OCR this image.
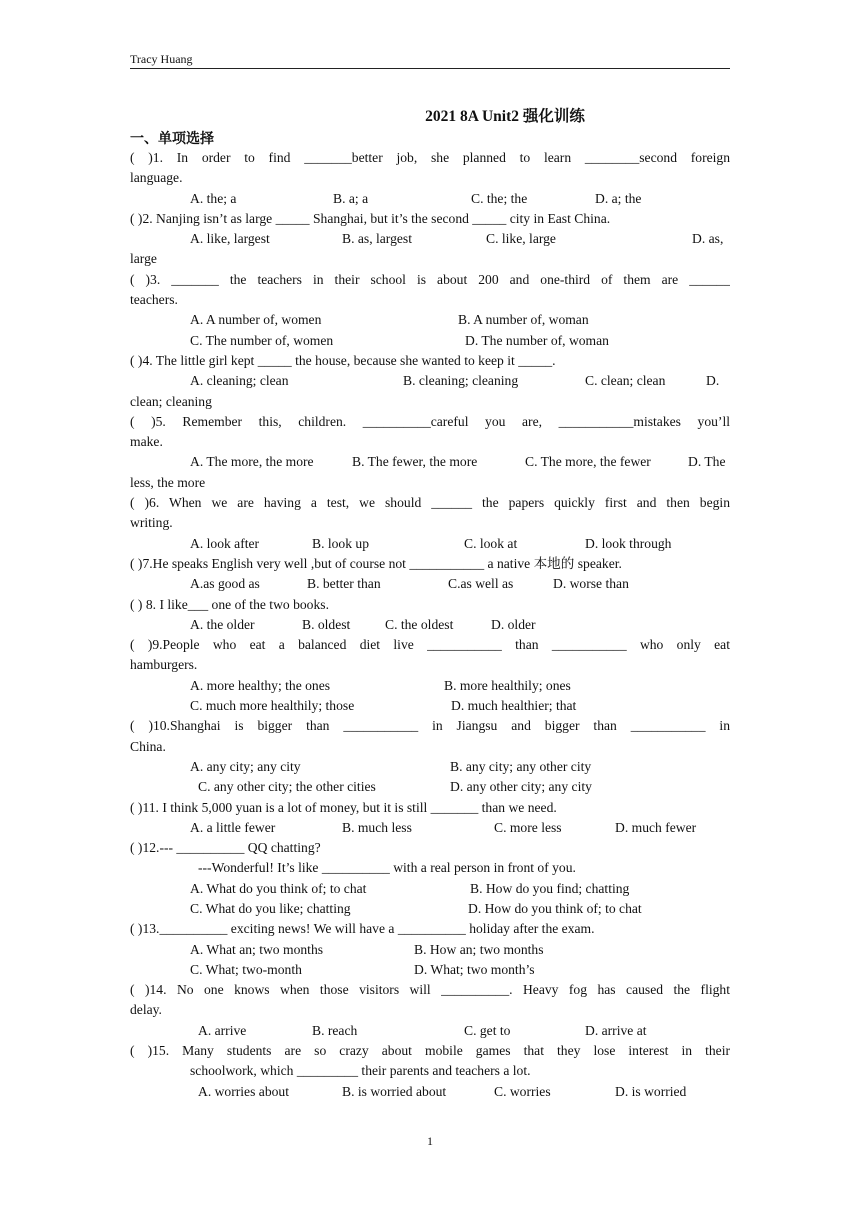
Tracy Huang
2021 8A Unit2 强化训练
一、单项选择
( )1. In order to find _______better job, she planned to learn ________second foreign
language.
A. the; a	B. a; a	C. the; the	D. a; the
( )2. Nanjing isn’t as large _____ Shanghai, but it’s the second _____ city in East China.
A. like, largest	B. as, largest	C. like, large	D. as,
large
( )3. _______ the teachers in their school is about 200 and one-third of them are ______
teachers.
A. A number of, women	B. A number of, woman
C. The number of, women	D. The number of, woman
( )4. The little girl kept _____ the house, because she wanted to keep it _____.
A. cleaning; clean	B. cleaning; cleaning	C. clean; clean	D.
clean; cleaning
( )5. Remember this, children. __________careful you are, ___________mistakes you’ll
make.
A. The more, the more	B. The fewer, the more	C. The more, the fewer	D. The
less, the more
( )6. When we are having a test, we should ______ the papers quickly first and then begin
writing.
A. look after	B. look up	C. look at	D. look through
( )7.He speaks English very well ,but of course not ___________ a native 本地的 speaker.
A.as good as	B. better than	C.as well as	D. worse than
( ) 8. I like___ one of the two books.
A. the older	B. oldest	C. the oldest	D. older
( )9.People who eat a balanced diet live ___________ than ___________ who only eat
hamburgers.
A. more healthy; the ones	B. more healthily; ones
C. much more healthily; those	D. much healthier; that
( )10.Shanghai is bigger than ___________ in Jiangsu and bigger than ___________ in
China.
A. any city; any city	B. any city; any other city
C. any other city; the other cities	D. any other city; any city
( )11. I think 5,000 yuan is a lot of money, but it is still _______ than we need.
A. a little fewer	B. much less	C. more less	D. much fewer
( )12.--- __________ QQ chatting?
---Wonderful! It’s like __________ with a real person in front of you.
A. What do you think of; to chat	B. How do you find; chatting
C. What do you like; chatting	D. How do you think of; to chat
( )13.__________ exciting news! We will have a __________ holiday after the exam.
A. What an; two months	B. How an; two months
C. What; two-month	D. What; two month’s
( )14. No one knows when those visitors will __________. Heavy fog has caused the flight
delay.
A. arrive	B. reach	C. get to	D. arrive at
( )15. Many students are so crazy about mobile games that they lose interest in their
schoolwork, which _________ their parents and teachers a lot.
A. worries about	B. is worried about	C. worries	D. is worried
1
